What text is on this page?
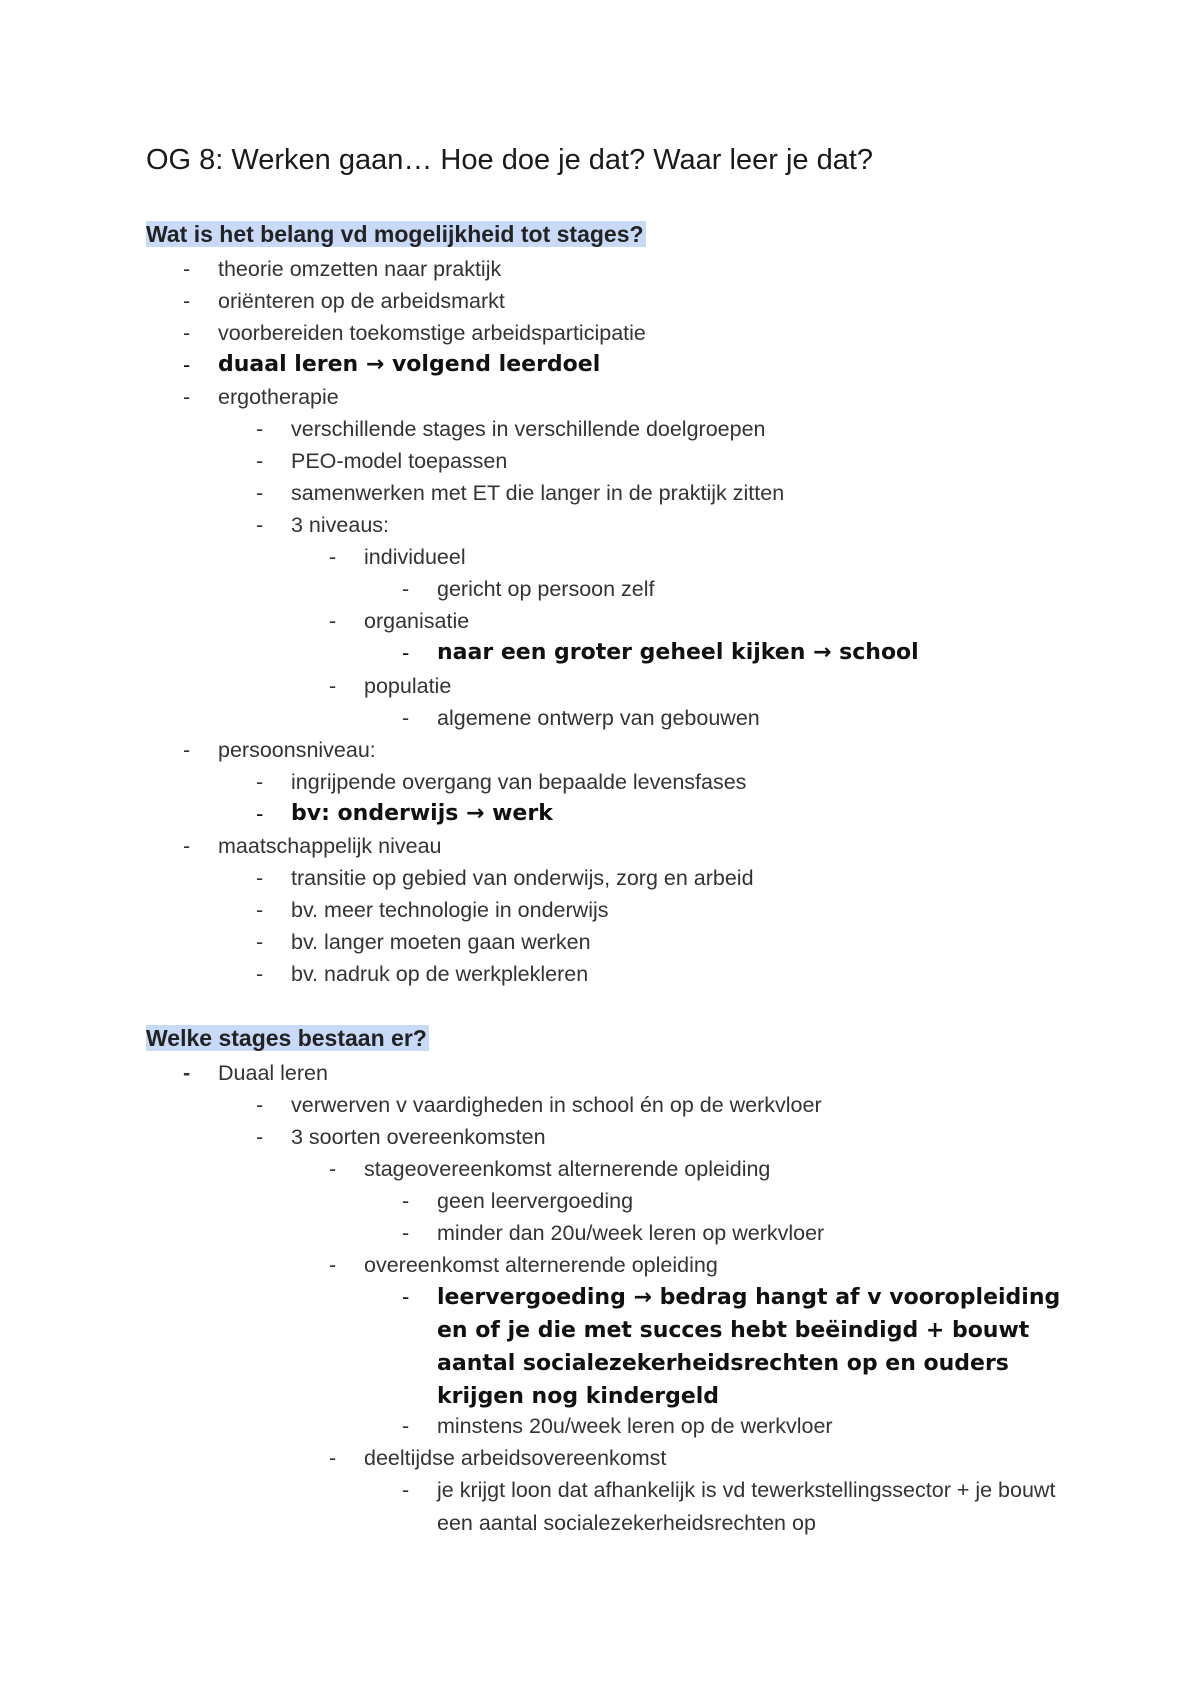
OG 8: Werken gaan… Hoe doe je dat? Waar leer je dat?
Wat is het belang vd mogelijkheid tot stages?
- theorie omzetten naar praktijk
- oriënteren op de arbeidsmarkt
- voorbereiden toekomstige arbeidsparticipatie
- duaal leren → volgend leerdoel
- ergotherapie
- verschillende stages in verschillende doelgroepen
- PEO-model toepassen
- samenwerken met ET die langer in de praktijk zitten
- 3 niveaus:
- individueel
- gericht op persoon zelf
- organisatie
- naar een groter geheel kijken → school
- populatie
- algemene ontwerp van gebouwen
- persoonsniveau:
- ingrijpende overgang van bepaalde levensfases
- bv: onderwijs → werk
- maatschappelijk niveau
- transitie op gebied van onderwijs, zorg en arbeid
- bv. meer technologie in onderwijs
- bv. langer moeten gaan werken
- bv. nadruk op de werkplekleren
Welke stages bestaan er?
- Duaal leren
- verwerven v vaardigheden in school én op de werkvloer
- 3 soorten overeenkomsten
- stageovereenkomst alternerende opleiding
- geen leervergoeding
- minder dan 20u/week leren op werkvloer
- overeenkomst alternerende opleiding
- leervergoeding → bedrag hangt af v vooropleiding en of je die met succes hebt beëindigd + bouwt aantal socialezekerheidsrechten op en ouders krijgen nog kindergeld
- minstens 20u/week leren op de werkvloer
- deeltijdse arbeidsovereenkomst
- je krijgt loon dat afhankelijk is vd tewerkstellingssector + je bouwt een aantal socialezekerheidsrechten op
